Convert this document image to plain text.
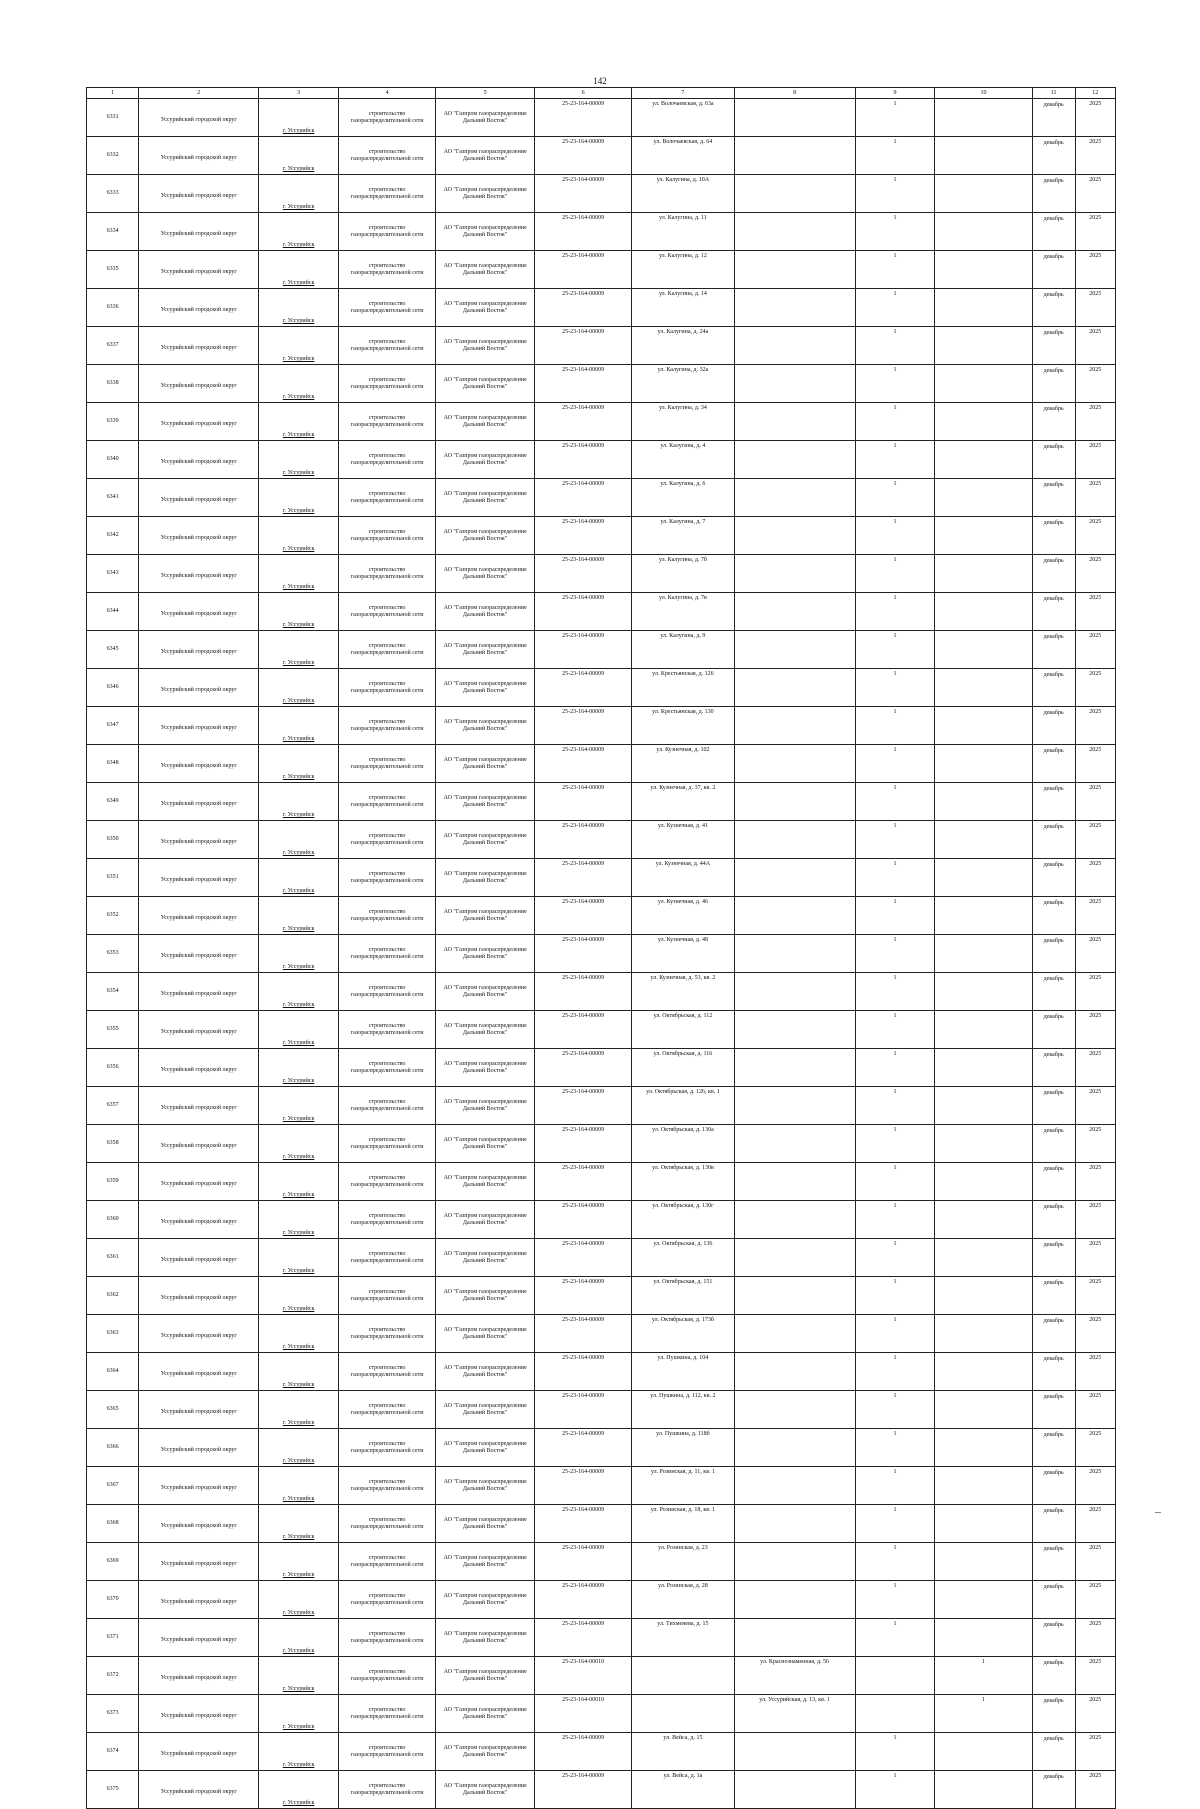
142
1	2	3	4	5	6	7	8	9	10	11	12
6331	Уссурийский городской округ	г. Уссурийск	строительство газораспределительной сети	АО "Газпром газораспределение Дальний Восток"	25-23-164-00009	ул. Волочаевская, д. 63а		1		декабрь	2025
6332	Уссурийский городской округ	г. Уссурийск	строительство газораспределительной сети	АО "Газпром газораспределение Дальний Восток"	25-23-164-00009	ул. Волочаевская, д. 64		1		декабрь	2025
6333	Уссурийский городской округ	г. Уссурийск	строительство газораспределительной сети	АО "Газпром газораспределение Дальний Восток"	25-23-164-00009	ул. Калугина, д. 10А		1		декабрь	2025
6334	Уссурийский городской округ	г. Уссурийск	строительство газораспределительной сети	АО "Газпром газораспределение Дальний Восток"	25-23-164-00009	ул. Калугина, д. 11		1		декабрь	2025
6335	Уссурийский городской округ	г. Уссурийск	строительство газораспределительной сети	АО "Газпром газораспределение Дальний Восток"	25-23-164-00009	ул. Калугина, д. 12		1		декабрь	2025
6336	Уссурийский городской округ	г. Уссурийск	строительство газораспределительной сети	АО "Газпром газораспределение Дальний Восток"	25-23-164-00009	ул. Калугина, д. 14		1		декабрь	2025
6337	Уссурийский городской округ	г. Уссурийск	строительство газораспределительной сети	АО "Газпром газораспределение Дальний Восток"	25-23-164-00009	ул. Калугина, д. 24а		1		декабрь	2025
6338	Уссурийский городской округ	г. Уссурийск	строительство газораспределительной сети	АО "Газпром газораспределение Дальний Восток"	25-23-164-00009	ул. Калугина, д. 32а		1		декабрь	2025
6339	Уссурийский городской округ	г. Уссурийск	строительство газораспределительной сети	АО "Газпром газораспределение Дальний Восток"	25-23-164-00009	ул. Калугина, д. 34		1		декабрь	2025
6340	Уссурийский городской округ	г. Уссурийск	строительство газораспределительной сети	АО "Газпром газораспределение Дальний Восток"	25-23-164-00009	ул. Калугина, д. 4		1		декабрь	2025
6341	Уссурийский городской округ	г. Уссурийск	строительство газораспределительной сети	АО "Газпром газораспределение Дальний Восток"	25-23-164-00009	ул. Калугина, д. 6		1		декабрь	2025
6342	Уссурийский городской округ	г. Уссурийск	строительство газораспределительной сети	АО "Газпром газораспределение Дальний Восток"	25-23-164-00009	ул. Калугина, д. 7		1		декабрь	2025
6343	Уссурийский городской округ	г. Уссурийск	строительство газораспределительной сети	АО "Газпром газораспределение Дальний Восток"	25-23-164-00009	ул. Калугина, д. 7б		1		декабрь	2025
6344	Уссурийский городской округ	г. Уссурийск	строительство газораспределительной сети	АО "Газпром газораспределение Дальний Восток"	25-23-164-00009	ул. Калугина, д. 7в		1		декабрь	2025
6345	Уссурийский городской округ	г. Уссурийск	строительство газораспределительной сети	АО "Газпром газораспределение Дальний Восток"	25-23-164-00009	ул. Калугина, д. 9		1		декабрь	2025
6346	Уссурийский городской округ	г. Уссурийск	строительство газораспределительной сети	АО "Газпром газораспределение Дальний Восток"	25-23-164-00009	ул. Крестьянская, д. 126		1		декабрь	2025
6347	Уссурийский городской округ	г. Уссурийск	строительство газораспределительной сети	АО "Газпром газораспределение Дальний Восток"	25-23-164-00009	ул. Крестьянская, д. 130		1		декабрь	2025
6348	Уссурийский городской округ	г. Уссурийск	строительство газораспределительной сети	АО "Газпром газораспределение Дальний Восток"	25-23-164-00009	ул. Кузнечная, д. 102		1		декабрь	2025
6349	Уссурийский городской округ	г. Уссурийск	строительство газораспределительной сети	АО "Газпром газораспределение Дальний Восток"	25-23-164-00009	ул. Кузнечная, д. 37, кв. 2		1		декабрь	2025
6350	Уссурийский городской округ	г. Уссурийск	строительство газораспределительной сети	АО "Газпром газораспределение Дальний Восток"	25-23-164-00009	ул. Кузнечная, д. 41		1		декабрь	2025
6351	Уссурийский городской округ	г. Уссурийск	строительство газораспределительной сети	АО "Газпром газораспределение Дальний Восток"	25-23-164-00009	ул. Кузнечная, д. 44А		1		декабрь	2025
6352	Уссурийский городской округ	г. Уссурийск	строительство газораспределительной сети	АО "Газпром газораспределение Дальний Восток"	25-23-164-00009	ул. Кузнечная, д. 46		1		декабрь	2025
6353	Уссурийский городской округ	г. Уссурийск	строительство газораспределительной сети	АО "Газпром газораспределение Дальний Восток"	25-23-164-00009	ул. Кузнечная, д. 48		1		декабрь	2025
6354	Уссурийский городской округ	г. Уссурийск	строительство газораспределительной сети	АО "Газпром газораспределение Дальний Восток"	25-23-164-00009	ул. Кузнечная, д. 53, кв. 2		1		декабрь	2025
6355	Уссурийский городской округ	г. Уссурийск	строительство газораспределительной сети	АО "Газпром газораспределение Дальний Восток"	25-23-164-00009	ул. Октябрьская, д. 112		1		декабрь	2025
6356	Уссурийский городской округ	г. Уссурийск	строительство газораспределительной сети	АО "Газпром газораспределение Дальний Восток"	25-23-164-00009	ул. Октябрьская, д. 116		1		декабрь	2025
6357	Уссурийский городской округ	г. Уссурийск	строительство газораспределительной сети	АО "Газпром газораспределение Дальний Восток"	25-23-164-00009	ул. Октябрьская, д. 126, кв. 1		1		декабрь	2025
6358	Уссурийский городской округ	г. Уссурийск	строительство газораспределительной сети	АО "Газпром газораспределение Дальний Восток"	25-23-164-00009	ул. Октябрьская, д. 130а		1		декабрь	2025
6359	Уссурийский городской округ	г. Уссурийск	строительство газораспределительной сети	АО "Газпром газораспределение Дальний Восток"	25-23-164-00009	ул. Октябрьская, д. 130в		1		декабрь	2025
6360	Уссурийский городской округ	г. Уссурийск	строительство газораспределительной сети	АО "Газпром газораспределение Дальний Восток"	25-23-164-00009	ул. Октябрьская, д. 130г		1		декабрь	2025
6361	Уссурийский городской округ	г. Уссурийск	строительство газораспределительной сети	АО "Газпром газораспределение Дальний Восток"	25-23-164-00009	ул. Октябрьская, д. 136		1		декабрь	2025
6362	Уссурийский городской округ	г. Уссурийск	строительство газораспределительной сети	АО "Газпром газораспределение Дальний Восток"	25-23-164-00009	ул. Октябрьская, д. 151		1		декабрь	2025
6363	Уссурийский городской округ	г. Уссурийск	строительство газораспределительной сети	АО "Газпром газораспределение Дальний Восток"	25-23-164-00009	ул. Октябрьская, д. 173б		1		декабрь	2025
6364	Уссурийский городской округ	г. Уссурийск	строительство газораспределительной сети	АО "Газпром газораспределение Дальний Восток"	25-23-164-00009	ул. Пушкина, д. 104		1		декабрь	2025
6365	Уссурийский городской округ	г. Уссурийск	строительство газораспределительной сети	АО "Газпром газораспределение Дальний Восток"	25-23-164-00009	ул. Пушкина, д. 112, кв. 2		1		декабрь	2025
6366	Уссурийский городской округ	г. Уссурийск	строительство газораспределительной сети	АО "Газпром газораспределение Дальний Восток"	25-23-164-00009	ул. Пушкина, д. 118б		1		декабрь	2025
6367	Уссурийский городской округ	г. Уссурийск	строительство газораспределительной сети	АО "Газпром газораспределение Дальний Восток"	25-23-164-00009	ул. Розинская, д. 11, кв. 1		1		декабрь	2025
6368	Уссурийский городской округ	г. Уссурийск	строительство газораспределительной сети	АО "Газпром газораспределение Дальний Восток"	25-23-164-00009	ул. Розинская, д. 18, кв. 1		1		декабрь	2025
6369	Уссурийский городской округ	г. Уссурийск	строительство газораспределительной сети	АО "Газпром газораспределение Дальний Восток"	25-23-164-00009	ул. Розинская, д. 23		1		декабрь	2025
6370	Уссурийский городской округ	г. Уссурийск	строительство газораспределительной сети	АО "Газпром газораспределение Дальний Восток"	25-23-164-00009	ул. Розинская, д. 28		1		декабрь	2025
6371	Уссурийский городской округ	г. Уссурийск	строительство газораспределительной сети	АО "Газпром газораспределение Дальний Восток"	25-23-164-00009	ул. Тихменева, д. 15		1		декабрь	2025
6372	Уссурийский городской округ	г. Уссурийск	строительство газораспределительной сети	АО "Газпром газораспределение Дальний Восток"	25-23-164-00010		ул. Краснознаменная, д. 56		1	декабрь	2025
6373	Уссурийский городской округ	г. Уссурийск	строительство газораспределительной сети	АО "Газпром газораспределение Дальний Восток"	25-23-164-00010		ул. Уссурийская, д. 13, кв. 1		1	декабрь	2025
6374	Уссурийский городской округ	г. Уссурийск	строительство газораспределительной сети	АО "Газпром газораспределение Дальний Восток"	25-23-164-00009	ул. Вейса, д. 15		1		декабрь	2025
6375	Уссурийский городской округ	г. Уссурийск	строительство газораспределительной сети	АО "Газпром газораспределение Дальний Восток"	25-23-164-00009	ул. Вейса, д. 1а		1		декабрь	2025
